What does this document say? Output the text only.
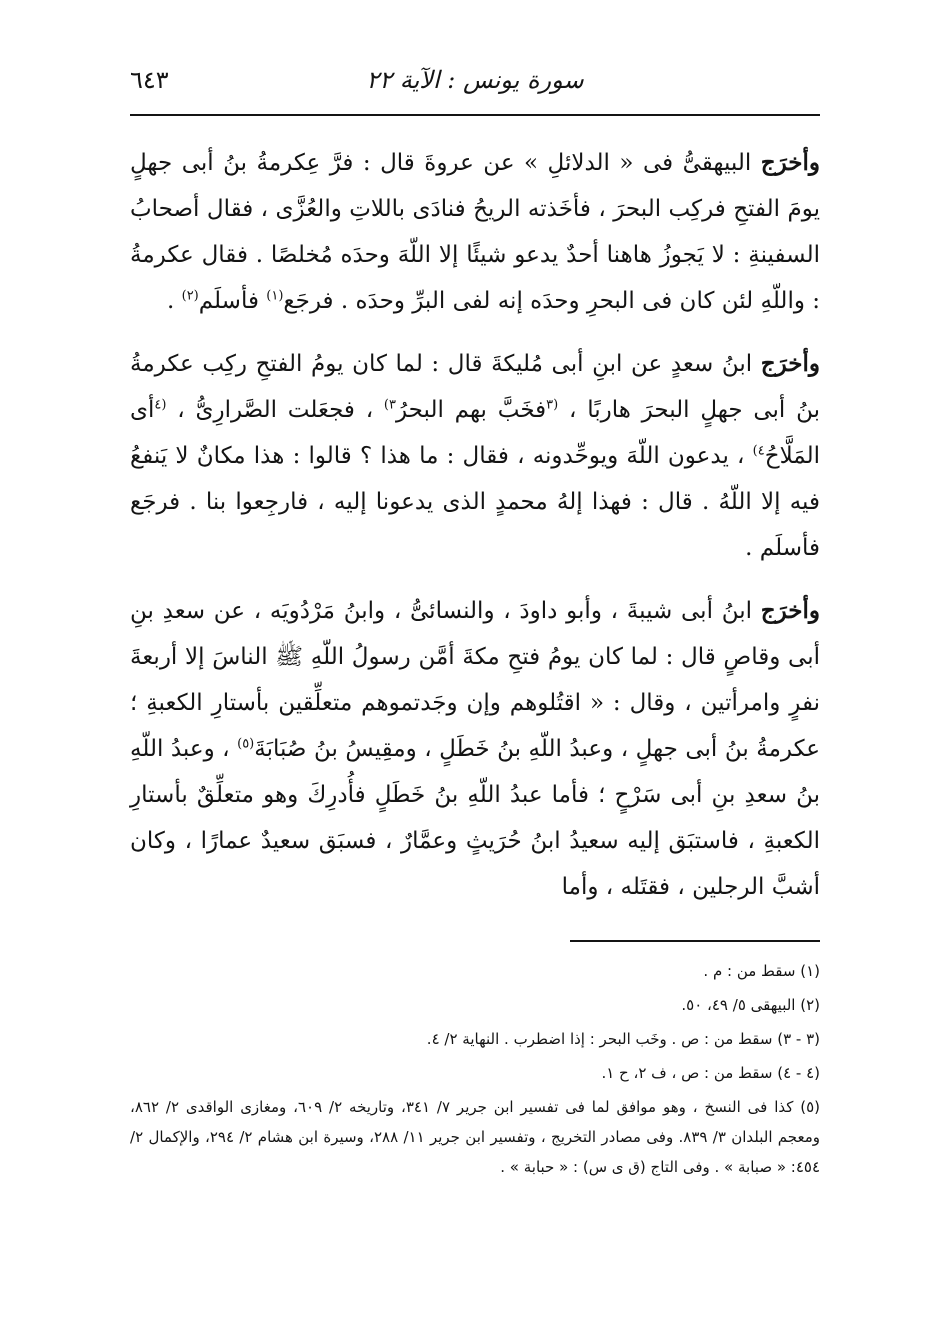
سورة يونس : الآية ٢٢
٦٤٣

وأخرَج البيهقىُّ فى « الدلائلِ » عن عروةَ قال : فرَّ عِكرمةُ بنُ أبى جهلٍ يومَ الفتحِ فركِب البحرَ ، فأخَذته الريحُ فنادَى باللاتِ والعُزَّى ، فقال أصحابُ السفينةِ : لا يَجوزُ هاهنا أحدٌ يدعو شيئًا إلا اللّهَ وحدَه مُخلصًا . فقال عكرمةُ : واللّهِ لئن كان فى البحرِ وحدَه إنه لفى البرِّ وحدَه . فرجَع$^{(١)}$ فأسلَم$^{(٢)}$ .

وأخرَج ابنُ سعدٍ عن ابنِ أبى مُليكةَ قال : لما كان يومُ الفتحِ ركِب عكرمةُ بنُ أبى جهلٍ البحرَ هاربًا ، $^{(٣}$فخَبَّ بهم البحرُ$^{٣)}$ ، فجعَلت الصَّرارِىُّ ، $^{(٤}$أى المَلَّاحُ$^{٤)}$ ، يدعون اللّهَ ويوحِّدونه ، فقال : ما هذا ؟ قالوا : هذا مكانٌ لا يَنفعُ فيه إلا اللّهُ . قال : فهذا إلهُ محمدٍ الذى يدعونا إليه ، فارجِعوا بنا . فرجَع فأسلَم .

وأخرَج ابنُ أبى شيبةَ ، وأبو داودَ ، والنسائىُّ ، وابنُ مَرْدُويَه ، عن سعدِ بنِ أبى وقاصٍ قال : لما كان يومُ فتحِ مكةَ أمَّن رسولُ اللّهِ ﷺ الناسَ إلا أربعةَ نفرٍ وامرأتين ، وقال : « اقتُلوهم وإن وجَدتموهم متعلِّقين بأستارِ الكعبةِ ؛ عكرمةُ بنُ أبى جهلٍ ، وعبدُ اللّهِ بنُ خَطَلٍ ، ومقِيسُ بنُ صُبَابَةَ$^{(٥)}$ ، وعبدُ اللّهِ بنُ سعدِ بنِ أبى سَرْحٍ ؛ فأما عبدُ اللّهِ بنُ خَطَلٍ فأُدرِكَ وهو متعلِّقٌ بأستارِ الكعبةِ ، فاستبَق إليه سعيدُ ابنُ حُرَيثٍ وعمَّارٌ ، فسبَق سعيدٌ عمارًا ، وكان أشبَّ الرجلين ، فقتَله ، وأما

(١) سقط من : م .

(٢) البيهقى ٥/ ٤٩، ٥٠.

(٣ - ٣) سقط من : ص . وخَب البحر : إذا اضطرب . النهاية ٢/ ٤.

(٤ - ٤) سقط من : ص ، ف ٢، ح ١.

(٥) كذا فى النسخ ، وهو موافق لما فى تفسير ابن جرير ٧/ ٣٤١، وتاريخه ٢/ ٦٠٩، ومغازى الواقدى ٢/ ٨٦٢، ومعجم البلدان ٣/ ٨٣٩. وفى مصادر التخريج ، وتفسير ابن جرير ١١/ ٢٨٨، وسيرة ابن هشام ٢/ ٢٩٤، والإكمال ٢/ ٤٥٤: « صبابة » . وفى التاج (ق ى س) : « حبابة » .
